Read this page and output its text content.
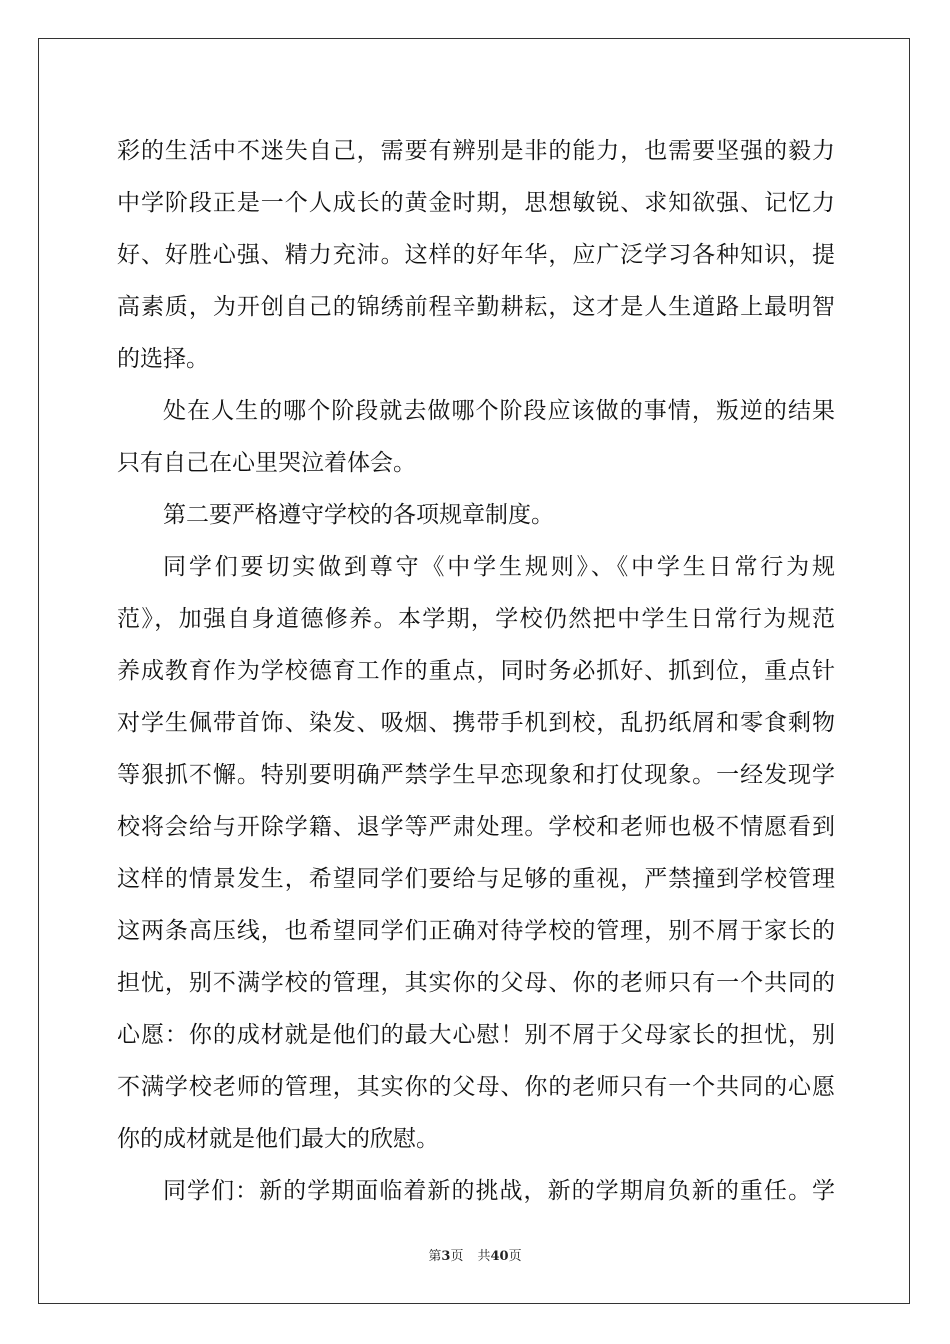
彩的生活中不迷失自己，需要有辨别是非的能力，也需要坚强的毅力
中学阶段正是一个人成长的黄金时期，思想敏锐、求知欲强、记忆力
好、好胜心强、精力充沛。这样的好年华，应广泛学习各种知识，提
高素质，为开创自己的锦绣前程辛勤耕耘，这才是人生道路上最明智
的选择。
处在人生的哪个阶段就去做哪个阶段应该做的事情，叛逆的结果
只有自己在心里哭泣着体会。
第二要严格遵守学校的各项规章制度。
同学们要切实做到尊守《中学生规则》、《中学生日常行为规
范》，加强自身道德修养。本学期，学校仍然把中学生日常行为规范
养成教育作为学校德育工作的重点，同时务必抓好、抓到位，重点针
对学生佩带首饰、染发、吸烟、携带手机到校，乱扔纸屑和零食剩物
等狠抓不懈。特别要明确严禁学生早恋现象和打仗现象。一经发现学
校将会给与开除学籍、退学等严肃处理。学校和老师也极不情愿看到
这样的情景发生，希望同学们要给与足够的重视，严禁撞到学校管理
这两条高压线，也希望同学们正确对待学校的管理，别不屑于家长的
担忧，别不满学校的管理，其实你的父母、你的老师只有一个共同的
心愿：你的成材就是他们的最大心慰！别不屑于父母家长的担忧，别
不满学校老师的管理，其实你的父母、你的老师只有一个共同的心愿
你的成材就是他们最大的欣慰。
同学们：新的学期面临着新的挑战，新的学期肩负新的重任。学
第3页 共40页
